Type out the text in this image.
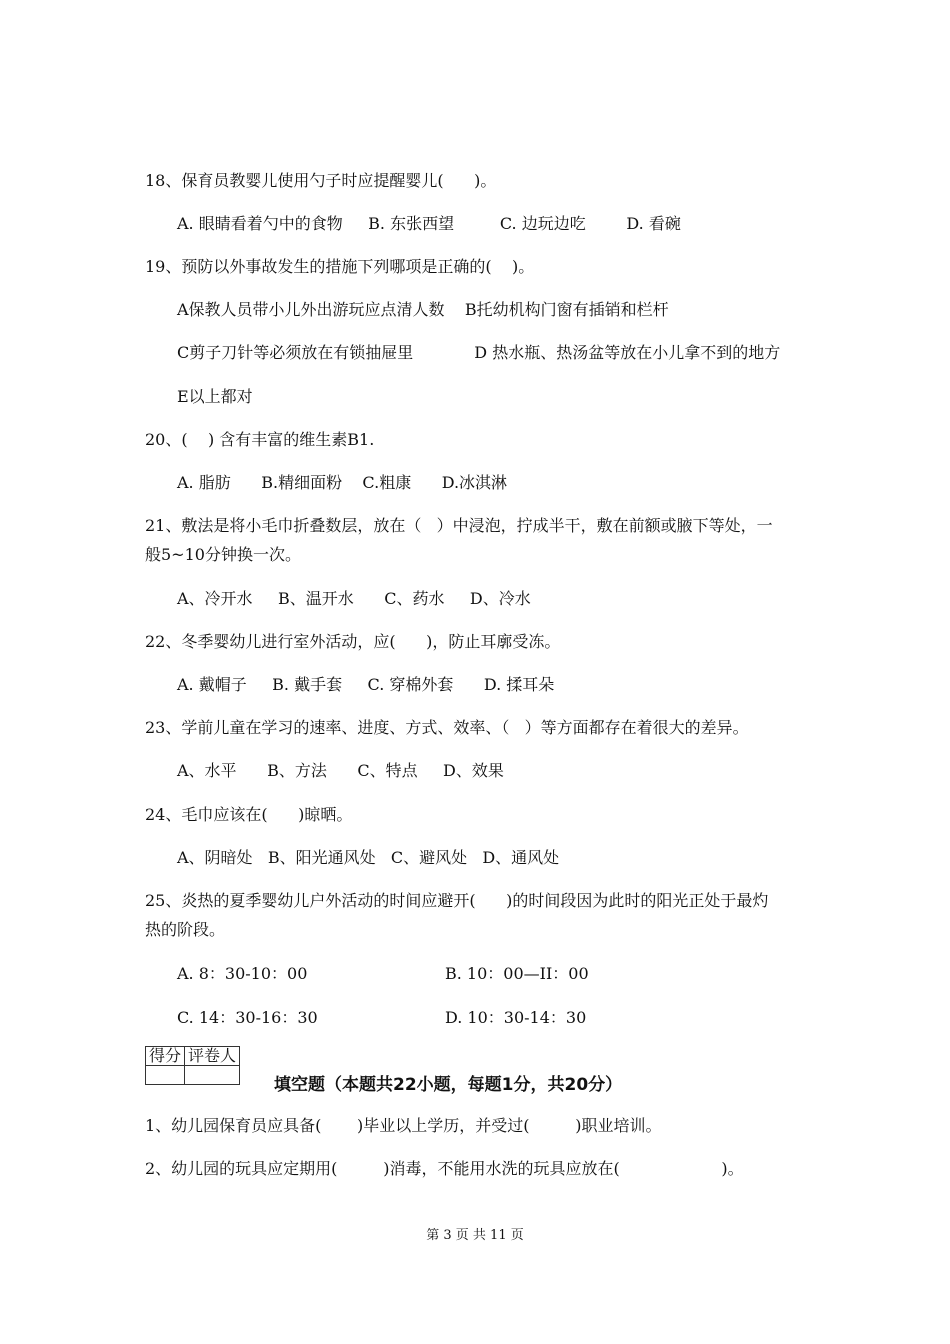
18、保育员教婴儿使用勺子时应提醒婴儿(      )。
A. 眼睛看着勺中的食物     B. 东张西望         C. 边玩边吃        D. 看碗
19、预防以外事故发生的措施下列哪项是正确的(    )。
A保教人员带小儿外出游玩应点清人数    B托幼机构门窗有插销和栏杆
C剪子刀针等必须放在有锁抽屉里            D 热水瓶、热汤盆等放在小儿拿不到的地方
E以上都对
20、(    ) 含有丰富的维生素B1.
A. 脂肪      B.精细面粉    C.粗康      D.冰淇淋
21、敷法是将小毛巾折叠数层，放在（   ）中浸泡，拧成半干，敷在前额或腋下等处，一
般5~10分钟换一次。
A、冷开水     B、温开水      C、药水     D、冷水
22、冬季婴幼儿进行室外活动，应(      )，防止耳廓受冻。
A. 戴帽子     B. 戴手套     C. 穿棉外套      D. 揉耳朵
23、学前儿童在学习的速率、进度、方式、效率、（   ）等方面都存在着很大的差异。
A、水平      B、方法      C、特点     D、效果
24、毛巾应该在(      )晾晒。
A、阴暗处   B、阳光通风处   C、避风处   D、通风处
25、炎热的夏季婴幼儿户外活动的时间应避开(      )的时间段因为此时的阳光正处于最灼
热的阶段。
A. 8：30-10：00	B. 10：00—II：00
C. 14：30-16：30	D. 10：30-14：30
得分	评卷人

填空题（本题共22小题，每题1分，共20分）
1、幼儿园保育员应具备(       )毕业以上学历，并受过(         )职业培训。
2、幼儿园的玩具应定期用(         )消毒，不能用水洗的玩具应放在(                    )。
第 3 页 共 11 页
